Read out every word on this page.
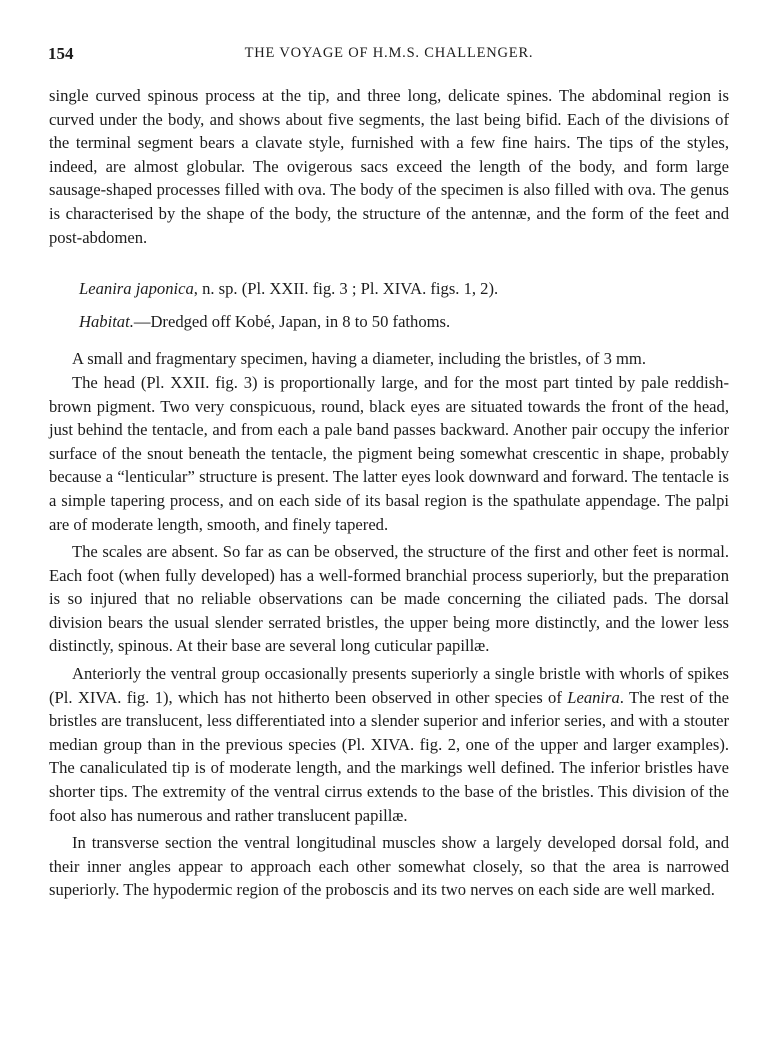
154	THE VOYAGE OF H.M.S. CHALLENGER.

single curved spinous process at the tip, and three long, delicate spines. The abdominal region is curved under the body, and shows about five segments, the last being bifid. Each of the divisions of the terminal segment bears a clavate style, furnished with a few fine hairs. The tips of the styles, indeed, are almost globular. The ovigerous sacs exceed the length of the body, and form large sausage-shaped processes filled with ova. The body of the specimen is also filled with ova. The genus is characterised by the shape of the body, the structure of the antennæ, and the form of the feet and post-abdomen.

Leanira japonica, n. sp. (Pl. XXII. fig. 3 ; Pl. XIVA. figs. 1, 2).

Habitat.—Dredged off Kobé, Japan, in 8 to 50 fathoms.

A small and fragmentary specimen, having a diameter, including the bristles, of 3 mm.

The head (Pl. XXII. fig. 3) is proportionally large, and for the most part tinted by pale reddish-brown pigment. Two very conspicuous, round, black eyes are situated towards the front of the head, just behind the tentacle, and from each a pale band passes backward. Another pair occupy the inferior surface of the snout beneath the tentacle, the pigment being somewhat crescentic in shape, probably because a “lenticular” structure is present. The latter eyes look downward and forward. The tentacle is a simple tapering process, and on each side of its basal region is the spathulate appendage. The palpi are of moderate length, smooth, and finely tapered.

The scales are absent. So far as can be observed, the structure of the first and other feet is normal. Each foot (when fully developed) has a well-formed branchial process superiorly, but the preparation is so injured that no reliable observations can be made concerning the ciliated pads. The dorsal division bears the usual slender serrated bristles, the upper being more distinctly, and the lower less distinctly, spinous. At their base are several long cuticular papillæ.

Anteriorly the ventral group occasionally presents superiorly a single bristle with whorls of spikes (Pl. XIVA. fig. 1), which has not hitherto been observed in other species of Leanira. The rest of the bristles are translucent, less differentiated into a slender superior and inferior series, and with a stouter median group than in the previous species (Pl. XIVA. fig. 2, one of the upper and larger examples). The canaliculated tip is of moderate length, and the markings well defined. The inferior bristles have shorter tips. The extremity of the ventral cirrus extends to the base of the bristles. This division of the foot also has numerous and rather translucent papillæ.

In transverse section the ventral longitudinal muscles show a largely developed dorsal fold, and their inner angles appear to approach each other somewhat closely, so that the area is narrowed superiorly. The hypodermic region of the proboscis and its two nerves on each side are well marked.
